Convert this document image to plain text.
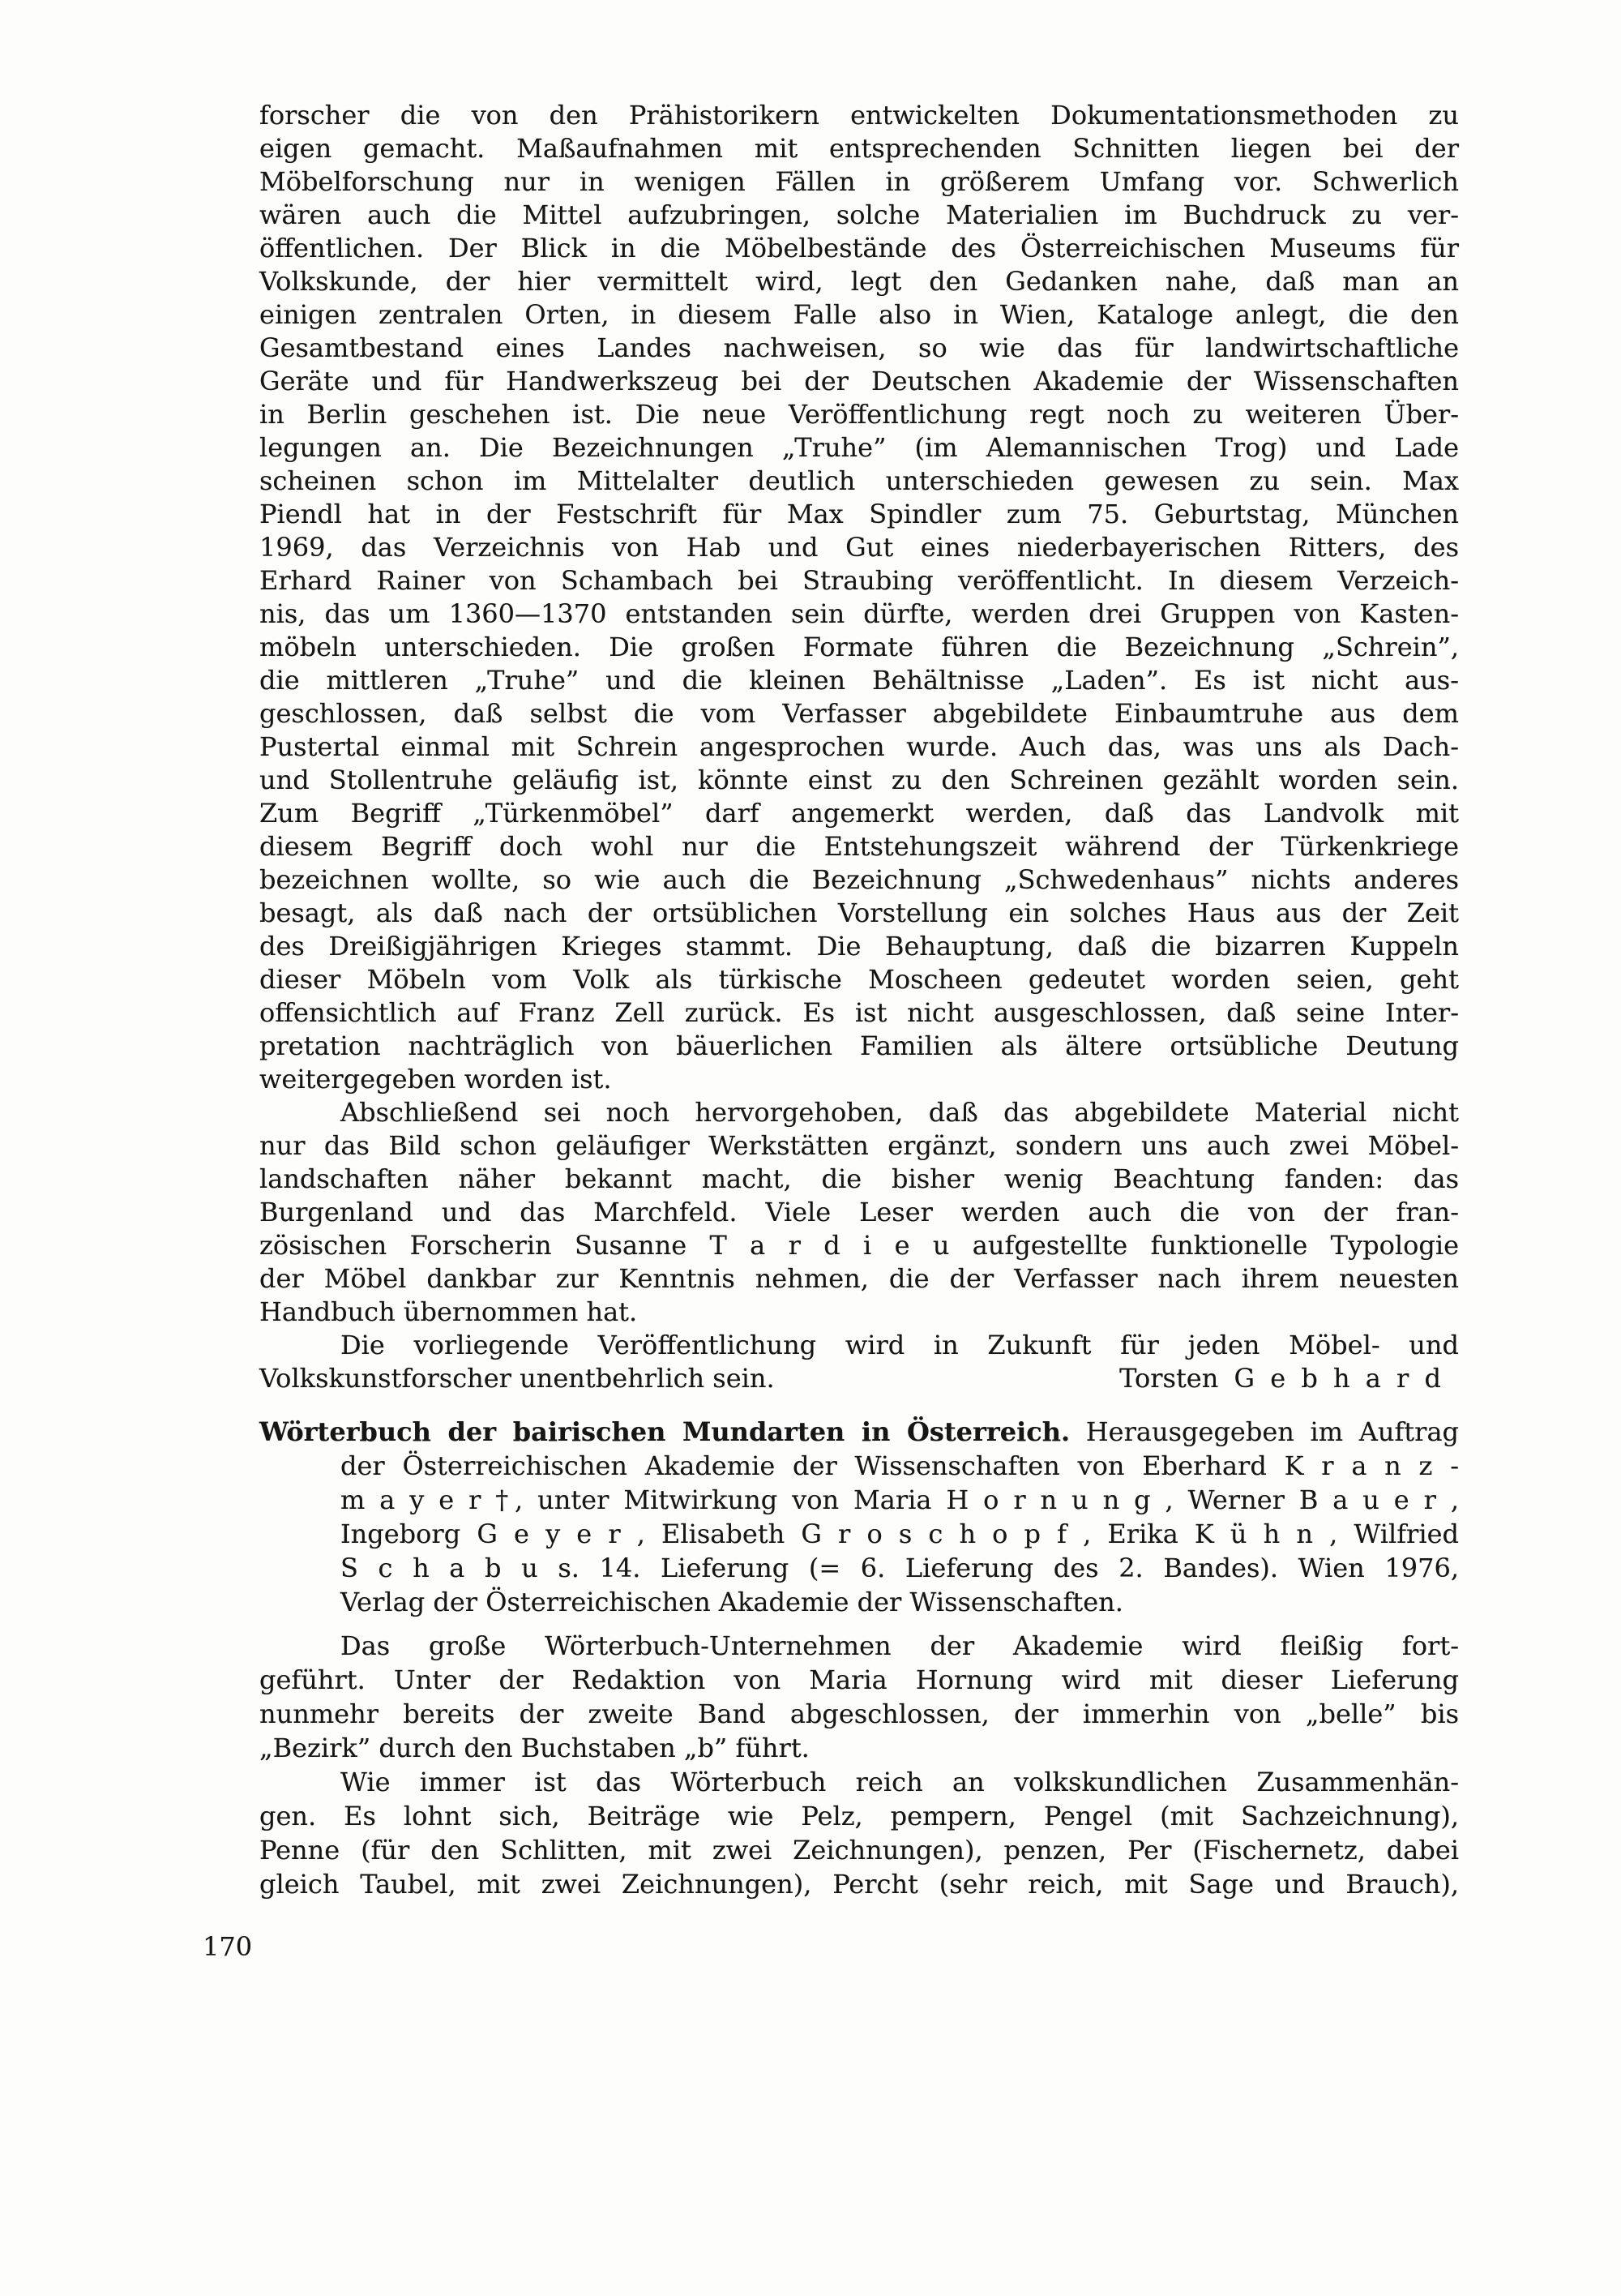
forscher die von den Prähistorikern entwickelten Dokumentationsmethoden zu
eigen gemacht. Maßaufnahmen mit entsprechenden Schnitten liegen bei der
Möbelforschung nur in wenigen Fällen in größerem Umfang vor. Schwerlich
wären auch die Mittel aufzubringen, solche Materialien im Buchdruck zu ver-
öffentlichen. Der Blick in die Möbelbestände des Österreichischen Museums für
Volkskunde, der hier vermittelt wird, legt den Gedanken nahe, daß man an
einigen zentralen Orten, in diesem Falle also in Wien, Kataloge anlegt, die den
Gesamtbestand eines Landes nachweisen, so wie das für landwirtschaftliche
Geräte und für Handwerkszeug bei der Deutschen Akademie der Wissenschaften
in Berlin geschehen ist. Die neue Veröffentlichung regt noch zu weiteren Über-
legungen an. Die Bezeichnungen „Truhe” (im Alemannischen Trog) und Lade
scheinen schon im Mittelalter deutlich unterschieden gewesen zu sein. Max
Piendl hat in der Festschrift für Max Spindler zum 75. Geburtstag, München
1969, das Verzeichnis von Hab und Gut eines niederbayerischen Ritters, des
Erhard Rainer von Schambach bei Straubing veröffentlicht. In diesem Verzeich-
nis, das um 1360—1370 entstanden sein dürfte, werden drei Gruppen von Kasten-
möbeln unterschieden. Die großen Formate führen die Bezeichnung „Schrein”,
die mittleren „Truhe” und die kleinen Behältnisse „Laden”. Es ist nicht aus-
geschlossen, daß selbst die vom Verfasser abgebildete Einbaumtruhe aus dem
Pustertal einmal mit Schrein angesprochen wurde. Auch das, was uns als Dach-
und Stollentruhe geläufig ist, könnte einst zu den Schreinen gezählt worden sein.
Zum Begriff „Türkenmöbel” darf angemerkt werden, daß das Landvolk mit
diesem Begriff doch wohl nur die Entstehungszeit während der Türkenkriege
bezeichnen wollte, so wie auch die Bezeichnung „Schwedenhaus” nichts anderes
besagt, als daß nach der ortsüblichen Vorstellung ein solches Haus aus der Zeit
des Dreißigjährigen Krieges stammt. Die Behauptung, daß die bizarren Kuppeln
dieser Möbeln vom Volk als türkische Moscheen gedeutet worden seien, geht
offensichtlich auf Franz Zell zurück. Es ist nicht ausgeschlossen, daß seine Inter-
pretation nachträglich von bäuerlichen Familien als ältere ortsübliche Deutung
weitergegeben worden ist.
Abschließend sei noch hervorgehoben, daß das abgebildete Material nicht
nur das Bild schon geläufiger Werkstätten ergänzt, sondern uns auch zwei Möbel-
landschaften näher bekannt macht, die bisher wenig Beachtung fanden: das
Burgenland und das Marchfeld. Viele Leser werden auch die von der fran-
zösischen Forscherin Susanne T a r d i e u aufgestellte funktionelle Typologie
der Möbel dankbar zur Kenntnis nehmen, die der Verfasser nach ihrem neuesten
Handbuch übernommen hat.
Die vorliegende Veröffentlichung wird in Zukunft für jeden Möbel- und
Volkskunstforscher unentbehrlich sein.	Torsten G e b h a r d
Wörterbuch der bairischen Mundarten in Österreich. Herausgegeben im Auftrag
der Österreichischen Akademie der Wissenschaften von Eberhard K r a n z -
m a y e r †, unter Mitwirkung von Maria H o r n u n g , Werner B a u e r ,
Ingeborg G e y e r , Elisabeth G r o s c h o p f , Erika K ü h n , Wilfried
S c h a b u s. 14. Lieferung (= 6. Lieferung des 2. Bandes). Wien 1976,
Verlag der Österreichischen Akademie der Wissenschaften.
Das große Wörterbuch-Unternehmen der Akademie wird fleißig fort-
geführt. Unter der Redaktion von Maria Hornung wird mit dieser Lieferung
nunmehr bereits der zweite Band abgeschlossen, der immerhin von „belle” bis
„Bezirk” durch den Buchstaben „b” führt.
Wie immer ist das Wörterbuch reich an volkskundlichen Zusammenhän-
gen. Es lohnt sich, Beiträge wie Pelz, pempern, Pengel (mit Sachzeichnung),
Penne (für den Schlitten, mit zwei Zeichnungen), penzen, Per (Fischernetz, dabei
gleich Taubel, mit zwei Zeichnungen), Percht (sehr reich, mit Sage und Brauch),
170
